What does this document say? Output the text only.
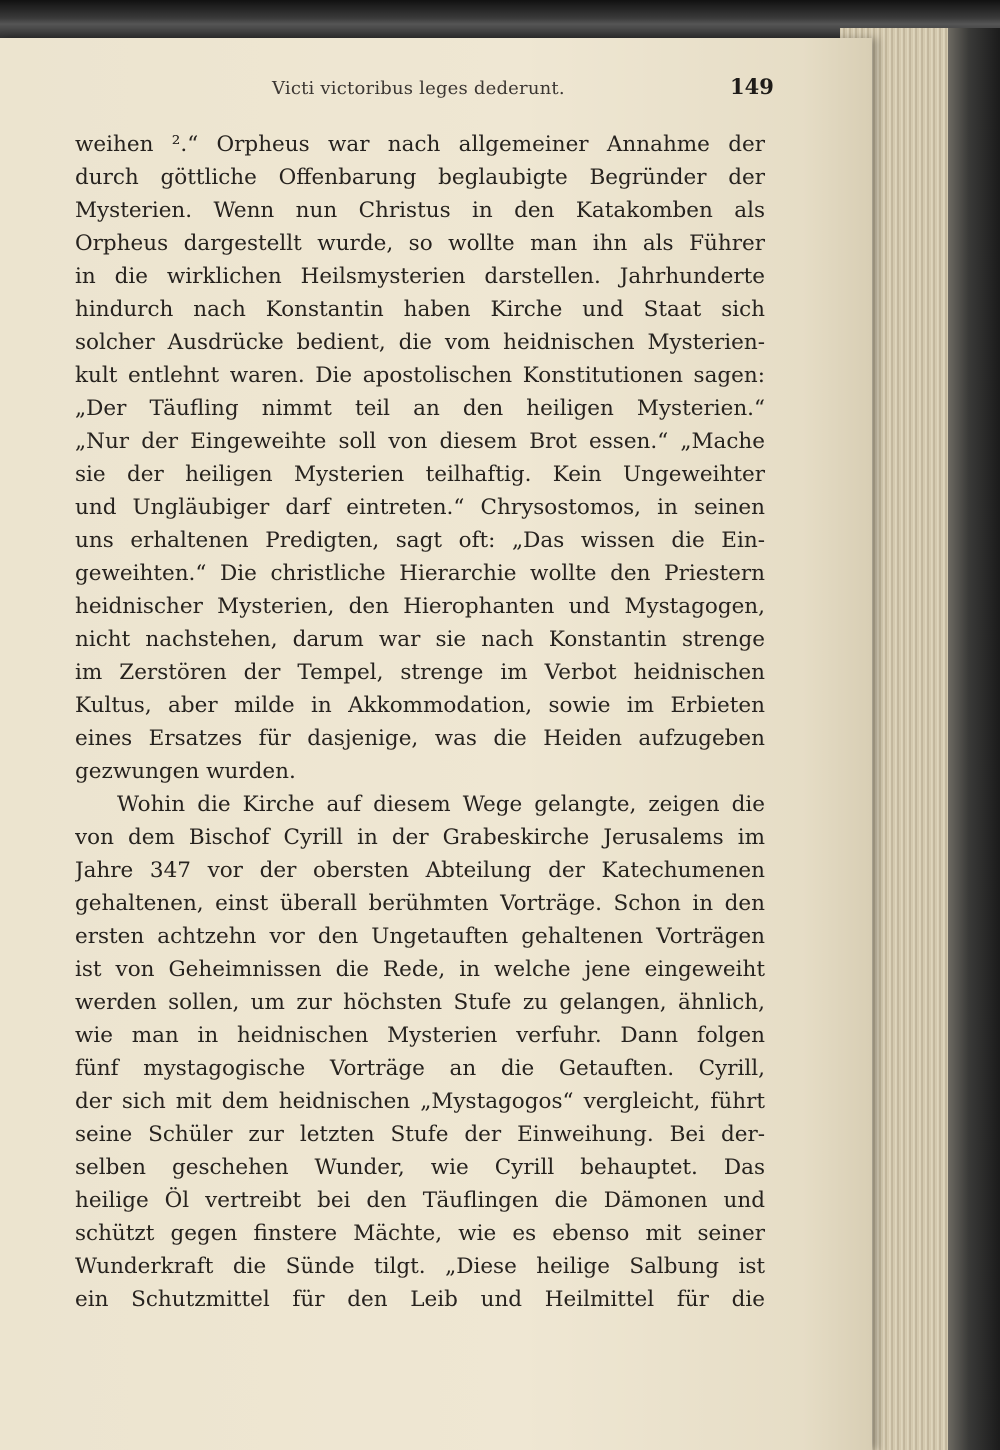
Victi victoribus leges dederunt.	149
weihen ².“ Orpheus war nach allgemeiner Annahme der
durch göttliche Offenbarung beglaubigte Begründer der
Mysterien. Wenn nun Christus in den Katakomben als
Orpheus dargestellt wurde, so wollte man ihn als Führer
in die wirklichen Heilsmysterien darstellen. Jahrhunderte
hindurch nach Konstantin haben Kirche und Staat sich
solcher Ausdrücke bedient, die vom heidnischen Mysterien-
kult entlehnt waren. Die apostolischen Konstitutionen sagen:
„Der Täufling nimmt teil an den heiligen Mysterien.“
„Nur der Eingeweihte soll von diesem Brot essen.“ „Mache
sie der heiligen Mysterien teilhaftig. Kein Ungeweihter
und Ungläubiger darf eintreten.“ Chrysostomos, in seinen
uns erhaltenen Predigten, sagt oft: „Das wissen die Ein-
geweihten.“ Die christliche Hierarchie wollte den Priestern
heidnischer Mysterien, den Hierophanten und Mystagogen,
nicht nachstehen, darum war sie nach Konstantin strenge
im Zerstören der Tempel, strenge im Verbot heidnischen
Kultus, aber milde in Akkommodation, sowie im Erbieten
eines Ersatzes für dasjenige, was die Heiden aufzugeben
gezwungen wurden.
Wohin die Kirche auf diesem Wege gelangte, zeigen die
von dem Bischof Cyrill in der Grabeskirche Jerusalems im
Jahre 347 vor der obersten Abteilung der Katechumenen
gehaltenen, einst überall berühmten Vorträge. Schon in den
ersten achtzehn vor den Ungetauften gehaltenen Vorträgen
ist von Geheimnissen die Rede, in welche jene eingeweiht
werden sollen, um zur höchsten Stufe zu gelangen, ähnlich,
wie man in heidnischen Mysterien verfuhr. Dann folgen
fünf mystagogische Vorträge an die Getauften. Cyrill,
der sich mit dem heidnischen „Mystagogos“ vergleicht, führt
seine Schüler zur letzten Stufe der Einweihung. Bei der-
selben geschehen Wunder, wie Cyrill behauptet. Das
heilige Öl vertreibt bei den Täuflingen die Dämonen und
schützt gegen finstere Mächte, wie es ebenso mit seiner
Wunderkraft die Sünde tilgt. „Diese heilige Salbung ist
ein Schutzmittel für den Leib und Heilmittel für die
